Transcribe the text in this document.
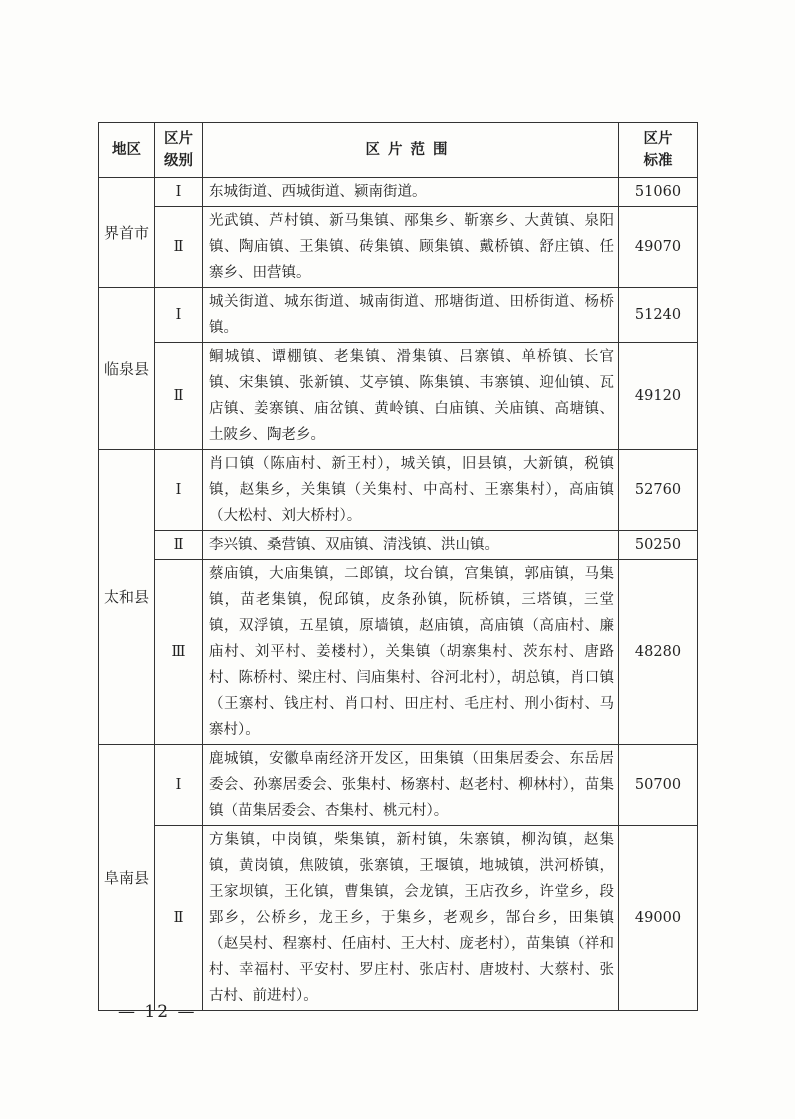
地区	区片级别	区片范围	区片标准
界首市	Ⅰ	东城街道、西城街道、颍南街道。	51060
	Ⅱ	光武镇、芦村镇、新马集镇、邴集乡、靳寨乡、大黄镇、泉阳镇、陶庙镇、王集镇、砖集镇、顾集镇、戴桥镇、舒庄镇、任寨乡、田营镇。	49070
临泉县	Ⅰ	城关街道、城东街道、城南街道、邢塘街道、田桥街道、杨桥镇。	51240
	Ⅱ	鲖城镇、谭棚镇、老集镇、滑集镇、吕寨镇、单桥镇、长官镇、宋集镇、张新镇、艾亭镇、陈集镇、韦寨镇、迎仙镇、瓦店镇、姜寨镇、庙岔镇、黄岭镇、白庙镇、关庙镇、高塘镇、土陂乡、陶老乡。	49120
太和县	Ⅰ	肖口镇（陈庙村、新王村），城关镇，旧县镇，大新镇，税镇镇，赵集乡，关集镇（关集村、中高村、王寨集村），高庙镇（大松村、刘大桥村）。	52760
	Ⅱ	李兴镇、桑营镇、双庙镇、清浅镇、洪山镇。	50250
	Ⅲ	蔡庙镇，大庙集镇，二郎镇，坟台镇，宫集镇，郭庙镇，马集镇，苗老集镇，倪邱镇，皮条孙镇，阮桥镇，三塔镇，三堂镇，双浮镇，五星镇，原墙镇，赵庙镇，高庙镇（高庙村、廉庙村、刘平村、姜楼村），关集镇（胡寨集村、茨东村、唐路村、陈桥村、梁庄村、闫庙集村、谷河北村），胡总镇，肖口镇（王寨村、钱庄村、肖口村、田庄村、毛庄村、刑小街村、马寨村）。	48280
阜南县	Ⅰ	鹿城镇，安徽阜南经济开发区，田集镇（田集居委会、东岳居委会、孙寨居委会、张集村、杨寨村、赵老村、柳林村），苗集镇（苗集居委会、杏集村、桃元村）。	50700
	Ⅱ	方集镇，中岗镇，柴集镇，新村镇，朱寨镇，柳沟镇，赵集镇，黄岗镇，焦陂镇，张寨镇，王堰镇，地城镇，洪河桥镇，王家坝镇，王化镇，曹集镇，会龙镇，王店孜乡，许堂乡，段郢乡，公桥乡，龙王乡，于集乡，老观乡，郜台乡，田集镇（赵吴村、程寨村、任庙村、王大村、庞老村），苗集镇（祥和村、幸福村、平安村、罗庄村、张店村、唐坡村、大蔡村、张古村、前进村）。	49000
— 12 —
